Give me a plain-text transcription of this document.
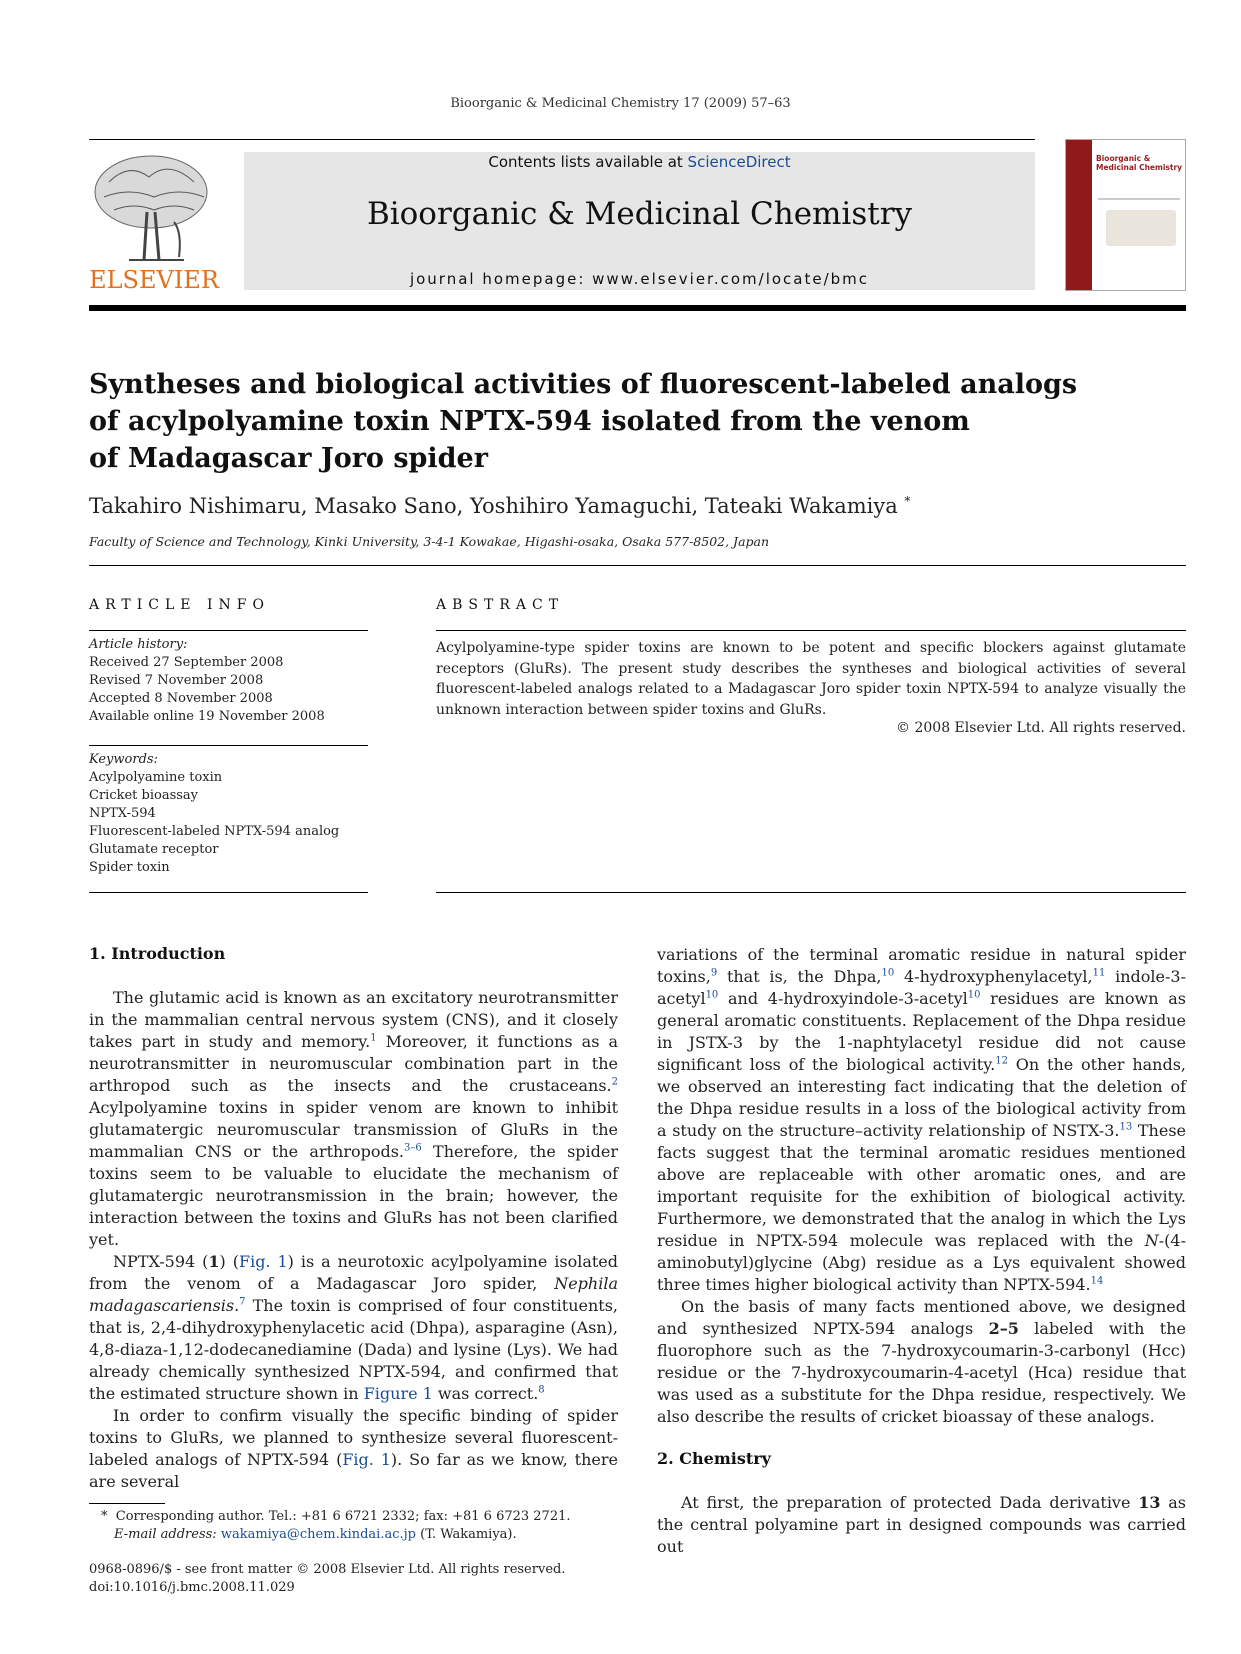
Bioorganic & Medicinal Chemistry 17 (2009) 57–63
ELSEVIER
Contents lists available at ScienceDirect
Bioorganic & Medicinal Chemistry
journal homepage: www.elsevier.com/locate/bmc
Bioorganic & Medicinal Chemistry
Syntheses and biological activities of fluorescent-labeled analogs
of acylpolyamine toxin NPTX-594 isolated from the venom
of Madagascar Joro spider
Takahiro Nishimaru, Masako Sano, Yoshihiro Yamaguchi, Tateaki Wakamiya *
Faculty of Science and Technology, Kinki University, 3-4-1 Kowakae, Higashi-osaka, Osaka 577-8502, Japan
ARTICLE INFO
Article history:
Received 27 September 2008
Revised 7 November 2008
Accepted 8 November 2008
Available online 19 November 2008
Keywords:
Acylpolyamine toxin
Cricket bioassay
NPTX-594
Fluorescent-labeled NPTX-594 analog
Glutamate receptor
Spider toxin
ABSTRACT
Acylpolyamine-type spider toxins are known to be potent and specific blockers against glutamate receptors (GluRs). The present study describes the syntheses and biological activities of several fluorescent-labeled analogs related to a Madagascar Joro spider toxin NPTX-594 to analyze visually the unknown interaction between spider toxins and GluRs.
© 2008 Elsevier Ltd. All rights reserved.
1. Introduction

The glutamic acid is known as an excitatory neurotransmitter in the mammalian central nervous system (CNS), and it closely takes part in study and memory.$^1$ Moreover, it functions as a neurotransmitter in neuromuscular combination part in the arthropod such as the insects and the crustaceans.$^2$ Acylpolyamine toxins in spider venom are known to inhibit glutamatergic neuromuscular transmission of GluRs in the mammalian CNS or the arthropods.$^{3-6}$ Therefore, the spider toxins seem to be valuable to elucidate the mechanism of glutamatergic neurotransmission in the brain; however, the interaction between the toxins and GluRs has not been clarified yet.

NPTX-594 (1) (Fig. 1) is a neurotoxic acylpolyamine isolated from the venom of a Madagascar Joro spider, Nephila madagascariensis.$^7$ The toxin is comprised of four constituents, that is, 2,4-dihydroxyphenylacetic acid (Dhpa), asparagine (Asn), 4,8-diaza-1,12-dodecanediamine (Dada) and lysine (Lys). We had already chemically synthesized NPTX-594, and confirmed that the estimated structure shown in Figure 1 was correct.$^8$

In order to confirm visually the specific binding of spider toxins to GluRs, we planned to synthesize several fluorescent-labeled analogs of NPTX-594 (Fig. 1). So far as we know, there are several

* Corresponding author. Tel.: +81 6 6721 2332; fax: +81 6 6723 2721.
E-mail address: wakamiya@chem.kindai.ac.jp (T. Wakamiya).
0968-0896/$ - see front matter © 2008 Elsevier Ltd. All rights reserved.
doi:10.1016/j.bmc.2008.11.029

variations of the terminal aromatic residue in natural spider toxins,$^9$ that is, the Dhpa,$^{10}$ 4-hydroxyphenylacetyl,$^{11}$ indole-3-acetyl$^{10}$ and 4-hydroxyindole-3-acetyl$^{10}$ residues are known as general aromatic constituents. Replacement of the Dhpa residue in JSTX-3 by the 1-naphtylacetyl residue did not cause significant loss of the biological activity.$^{12}$ On the other hands, we observed an interesting fact indicating that the deletion of the Dhpa residue results in a loss of the biological activity from a study on the structure–activity relationship of NSTX-3.13 These facts suggest that the terminal aromatic residues mentioned above are replaceable with other aromatic ones, and are important requisite for the exhibition of biological activity. Furthermore, we demonstrated that the analog in which the Lys residue in NPTX-594 molecule was replaced with the N-(4-aminobutyl)glycine (Abg) residue as a Lys equivalent showed three times higher biological activity than NPTX-594.14

On the basis of many facts mentioned above, we designed and synthesized NPTX-594 analogs 2–5 labeled with the fluorophore such as the 7-hydroxycoumarin-3-carbonyl (Hcc) residue or the 7-hydroxycoumarin-4-acetyl (Hca) residue that was used as a substitute for the Dhpa residue, respectively. We also describe the results of cricket bioassay of these analogs.

2. Chemistry

At first, the preparation of protected Dada derivative 13 as the central polyamine part in designed compounds was carried out
